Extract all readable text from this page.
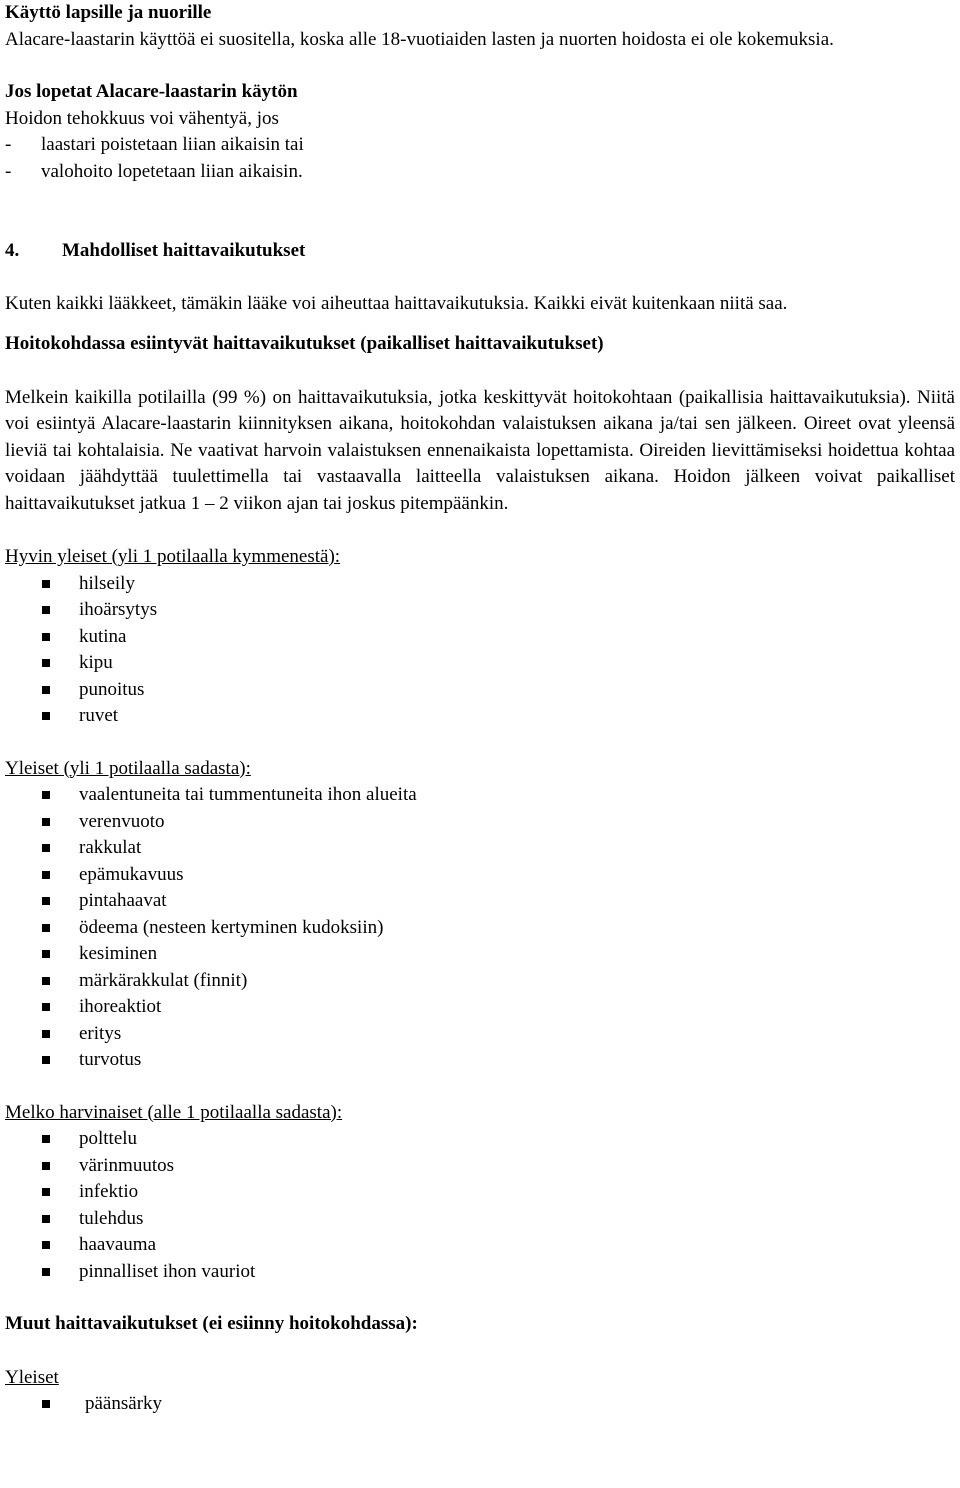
Käyttö lapsille ja nuorille

Alacare-laastarin käyttöä ei suositella, koska alle 18-vuotiaiden lasten ja nuorten hoidosta ei ole kokemuksia.

Jos lopetat Alacare-laastarin käytön

Hoidon tehokkuus voi vähentyä, jos

-	laastari poistetaan liian aikaisin tai
-	valohoito lopetetaan liian aikaisin.
4. Mahdolliset haittavaikutukset

Kuten kaikki lääkkeet, tämäkin lääke voi aiheuttaa haittavaikutuksia. Kaikki eivät kuitenkaan niitä saa.

Hoitokohdassa esiintyvät haittavaikutukset (paikalliset haittavaikutukset)

Melkein kaikilla potilailla (99 %) on haittavaikutuksia, jotka keskittyvät hoitokohtaan (paikallisia haittavaikutuksia). Niitä voi esiintyä Alacare-laastarin kiinnityksen aikana, hoitokohdan valaistuksen aikana ja/tai sen jälkeen. Oireet ovat yleensä lieviä tai kohtalaisia. Ne vaativat harvoin valaistuksen ennenaikaista lopettamista. Oireiden lievittämiseksi hoidettua kohtaa voidaan jäähdyttää tuulettimella tai vastaavalla laitteella valaistuksen aikana. Hoidon jälkeen voivat paikalliset haittavaikutukset jatkua 1 – 2 viikon ajan tai joskus pitempäänkin.

Hyvin yleiset (yli 1 potilaalla kymmenestä):

hilseily
ihoärsytys
kutina
kipu
punoitus
ruvet

Yleiset (yli 1 potilaalla sadasta):

vaalentuneita tai tummentuneita ihon alueita
verenvuoto
rakkulat
epämukavuus
pintahaavat
ödeema (nesteen kertyminen kudoksiin)
kesiminen
märkärakkulat (finnit)
ihoreaktiot
eritys
turvotus

Melko harvinaiset (alle 1 potilaalla sadasta):

polttelu
värinmuutos
infektio
tulehdus
haavauma
pinnalliset ihon vauriot
Muut haittavaikutukset (ei esiinny hoitokohdassa):

Yleiset

päänsärky
